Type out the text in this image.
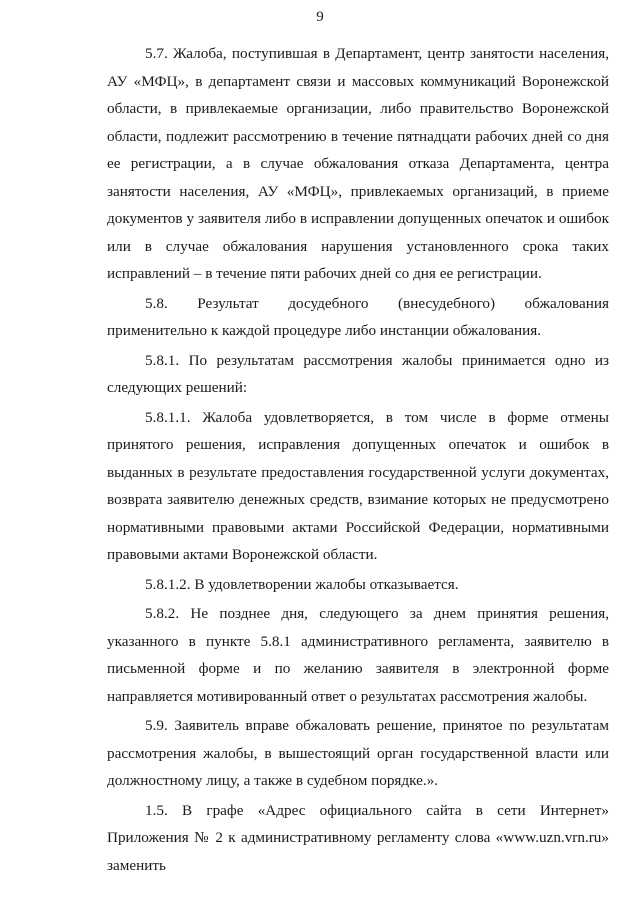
9

5.7. Жалоба, поступившая в Департамент, центр занятости населения, АУ «МФЦ», в департамент связи и массовых коммуникаций Воронежской области, в привлекаемые организации, либо правительство Воронежской области, подлежит рассмотрению в течение пятнадцати рабочих дней со дня ее регистрации, а в случае обжалования отказа Департамента, центра занятости населения, АУ «МФЦ», привлекаемых организаций, в приеме документов у заявителя либо в исправлении допущенных опечаток и ошибок или в случае обжалования нарушения установленного срока таких исправлений – в течение пяти рабочих дней со дня ее регистрации.

5.8. Результат досудебного (внесудебного) обжалования применительно к каждой процедуре либо инстанции обжалования.

5.8.1. По результатам рассмотрения жалобы принимается одно из следующих решений:

5.8.1.1. Жалоба удовлетворяется, в том числе в форме отмены принятого решения, исправления допущенных опечаток и ошибок в выданных в результате предоставления государственной услуги документах, возврата заявителю денежных средств, взимание которых не предусмотрено нормативными правовыми актами Российской Федерации, нормативными правовыми актами Воронежской области.

5.8.1.2. В удовлетворении жалобы отказывается.

5.8.2. Не позднее дня, следующего за днем принятия решения, указанного в пункте 5.8.1 административного регламента, заявителю в письменной форме и по желанию заявителя в электронной форме направляется мотивированный ответ о результатах рассмотрения жалобы.

5.9. Заявитель вправе обжаловать решение, принятое по результатам рассмотрения жалобы, в вышестоящий орган государственной власти или должностному лицу, а также в судебном порядке.».

1.5. В графе «Адрес официального сайта в сети Интернет» Приложения № 2 к административному регламенту слова «www.uzn.vrn.ru» заменить
